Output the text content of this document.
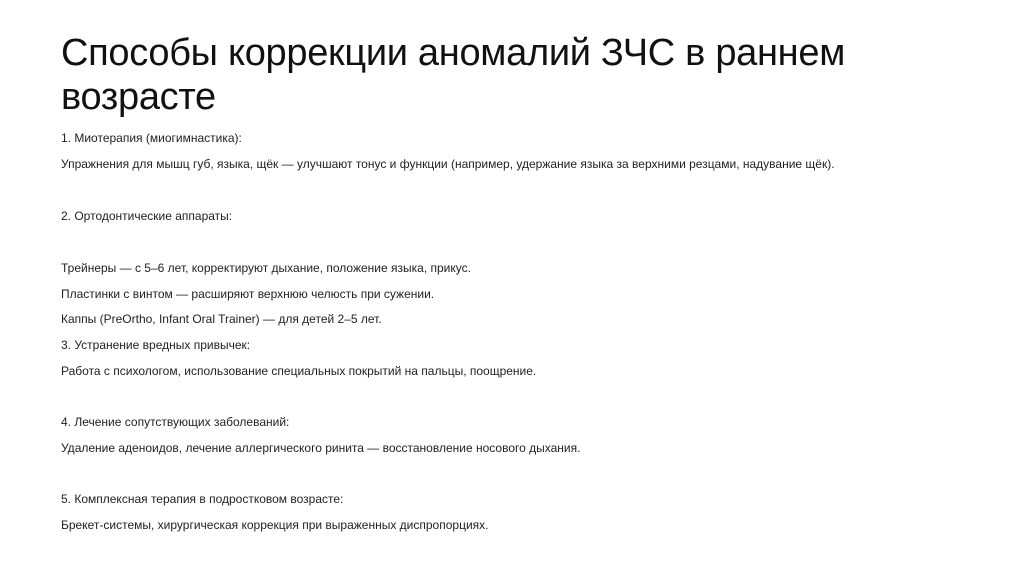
Способы коррекции аномалий ЗЧС в раннем
возрасте
1. Миотерапия (миогимнастика):
Упражнения для мышц губ, языка, щёк — улучшают тонус и функции (например, удержание языка за верхними резцами, надувание щёк).
2. Ортодонтические аппараты:
Трейнеры — с 5–6 лет, корректируют дыхание, положение языка, прикус.
Пластинки с винтом — расширяют верхнюю челюсть при сужении.
Каппы (PreOrtho, Infant Oral Trainer) — для детей 2–5 лет.
3. Устранение вредных привычек:
Работа с психологом, использование специальных покрытий на пальцы, поощрение.
4. Лечение сопутствующих заболеваний:
Удаление аденоидов, лечение аллергического ринита — восстановление носового дыхания.
5. Комплексная терапия в подростковом возрасте:
Брекет-системы, хирургическая коррекция при выраженных диспропорциях.
